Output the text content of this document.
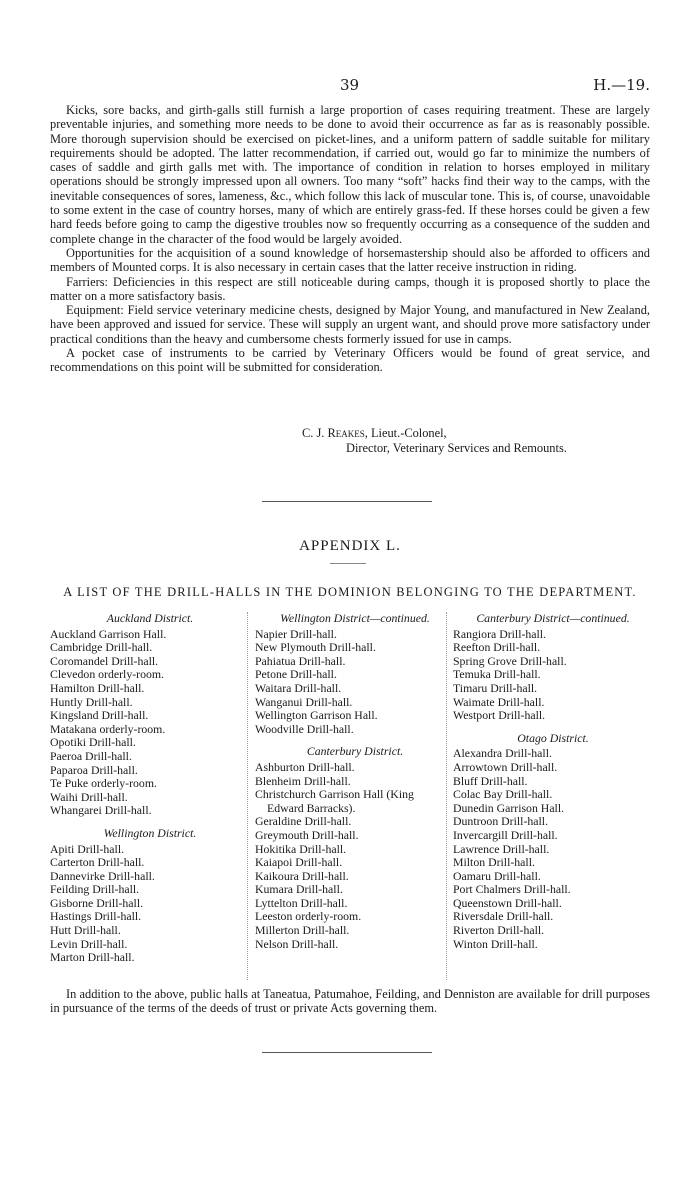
39	H.—19.

Kicks, sore backs, and girth-galls still furnish a large proportion of cases requiring treatment. These are largely preventable injuries, and something more needs to be done to avoid their occurrence as far as is reasonably possible. More thorough supervision should be exercised on picket-lines, and a uniform pattern of saddle suitable for military requirements should be adopted. The latter recommendation, if carried out, would go far to minimize the numbers of cases of saddle and girth galls met with. The importance of condition in relation to horses employed in military operations should be strongly impressed upon all owners. Too many “soft” hacks find their way to the camps, with the inevitable consequences of sores, lameness, &c., which follow this lack of muscular tone. This is, of course, unavoidable to some extent in the case of country horses, many of which are entirely grass-fed. If these horses could be given a few hard feeds before going to camp the digestive troubles now so frequently occurring as a consequence of the sudden and complete change in the character of the food would be largely avoided.

Opportunities for the acquisition of a sound knowledge of horsemastership should also be afforded to officers and members of Mounted corps. It is also necessary in certain cases that the latter receive instruction in riding.

Farriers: Deficiencies in this respect are still noticeable during camps, though it is proposed shortly to place the matter on a more satisfactory basis.

Equipment: Field service veterinary medicine chests, designed by Major Young, and manufactured in New Zealand, have been approved and issued for service. These will supply an urgent want, and should prove more satisfactory under practical conditions than the heavy and cumbersome chests formerly issued for use in camps.

A pocket case of instruments to be carried by Veterinary Officers would be found of great service, and recommendations on this point will be submitted for consideration.

C. J. Reakes, Lieut.-Colonel,
Director, Veterinary Services and Remounts.
APPENDIX L.
A LIST OF THE DRILL-HALLS IN THE DOMINION BELONGING TO THE DEPARTMENT.
Auckland District.
Auckland Garrison Hall.
Cambridge Drill-hall.
Coromandel Drill-hall.
Clevedon orderly-room.
Hamilton Drill-hall.
Huntly Drill-hall.
Kingsland Drill-hall.
Matakana orderly-room.
Opotiki Drill-hall.
Paeroa Drill-hall.
Paparoa Drill-hall.
Te Puke orderly-room.
Waihi Drill-hall.
Whangarei Drill-hall.
Wellington District.
Apiti Drill-hall.
Carterton Drill-hall.
Dannevirke Drill-hall.
Feilding Drill-hall.
Gisborne Drill-hall.
Hastings Drill-hall.
Hutt Drill-hall.
Levin Drill-hall.
Marton Drill-hall.
Wellington District—continued.
Napier Drill-hall.
New Plymouth Drill-hall.
Pahiatua Drill-hall.
Petone Drill-hall.
Waitara Drill-hall.
Wanganui Drill-hall.
Wellington Garrison Hall.
Woodville Drill-hall.
Canterbury District.
Ashburton Drill-hall.
Blenheim Drill-hall.
Christchurch Garrison Hall (King
Edward Barracks).
Geraldine Drill-hall.
Greymouth Drill-hall.
Hokitika Drill-hall.
Kaiapoi Drill-hall.
Kaikoura Drill-hall.
Kumara Drill-hall.
Lyttelton Drill-hall.
Leeston orderly-room.
Millerton Drill-hall.
Nelson Drill-hall.
Canterbury District—continued.
Rangiora Drill-hall.
Reefton Drill-hall.
Spring Grove Drill-hall.
Temuka Drill-hall.
Timaru Drill-hall.
Waimate Drill-hall.
Westport Drill-hall.
Otago District.
Alexandra Drill-hall.
Arrowtown Drill-hall.
Bluff Drill-hall.
Colac Bay Drill-hall.
Dunedin Garrison Hall.
Duntroon Drill-hall.
Invercargill Drill-hall.
Lawrence Drill-hall.
Milton Drill-hall.
Oamaru Drill-hall.
Port Chalmers Drill-hall.
Queenstown Drill-hall.
Riversdale Drill-hall.
Riverton Drill-hall.
Winton Drill-hall.

In addition to the above, public halls at Taneatua, Patumahoe, Feilding, and Denniston are available for drill purposes in pursuance of the terms of the deeds of trust or private Acts governing them.
